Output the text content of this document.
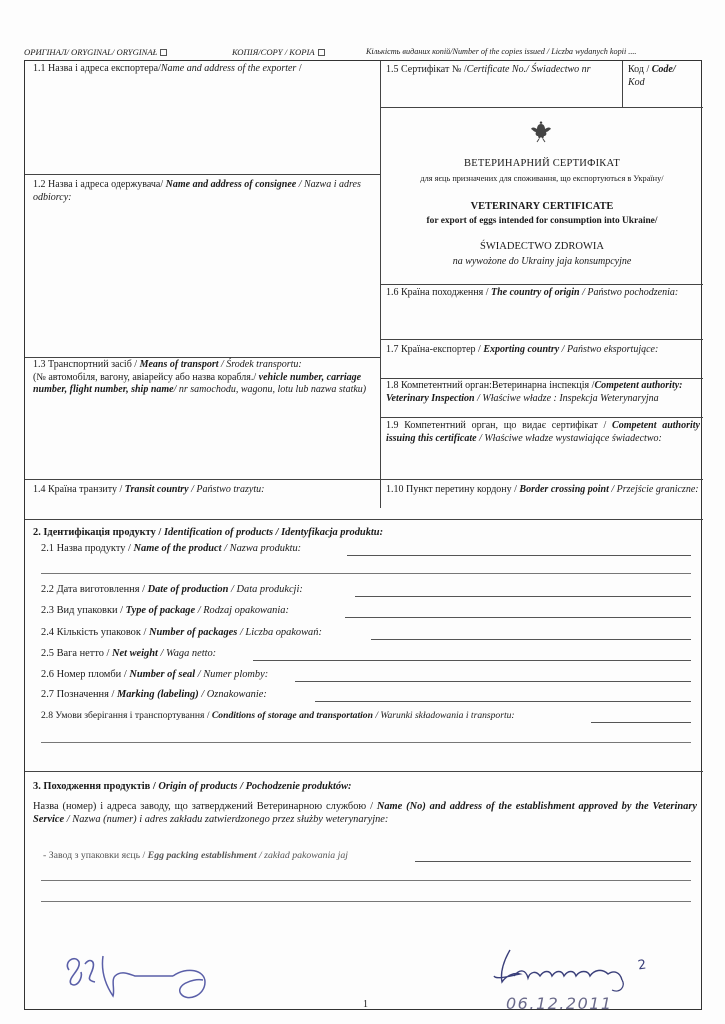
ОРИГІНАЛ/ ORYGINAL/ ORYGINAŁ	КОПІЯ/COPY / KOPIA	Кількість виданих копій/Number of the copies issued / Liczba wydanych kopii ....
1.1 Назва і адреса експортера/Name and address of the exporter /	1.5 Сертифікат № /Certificate No./ Świadectwo nr	Код / Code/
Kod
ВЕТЕРИНАРНИЙ СЕРТИФІКАТ
для яєць призначених для споживання, що експортуються в Україну/
VETERINARY CERTIFICATE
for export of eggs intended for consumption into Ukraine/
ŚWIADECTWO ZDROWIA
na wywożone do Ukrainy jaja konsumpcyjne
1.2 Назва і адреса одержувача/ Name and address of consignee / Nazwa i adres odbiorcy:
1.6 Країна походження / The country of origin / Państwo pochodzenia:
1.7 Країна-експортер / Exporting country / Państwo eksportujące:
1.3 Транспортний засіб / Means of transport / Środek transportu:
(№ автомобіля, вагону, авіарейсу або назва корабля./ vehicle number, carriage number, flight number, ship name/ nr samochodu, wagonu, lotu lub nazwa statku)	1.8 Компетентний орган:Ветеринарна інспекція /Competent authority: Veterinary Inspection / Właściwe władze : Inspekcja Weterynaryjna
1.9 Компетентний орган, що видає сертифікат / Competent authority issuing this certificate / Właściwe władze wystawiające świadectwo:
1.4 Країна транзиту / Transit country / Państwo trazytu:	1.10 Пункт перетину кордону / Border crossing point / Przejście graniczne:
2. Ідентифікація продукту / Identification of products / Identyfikacja produktu:
2.1 Назва продукту / Name of the product / Nazwa produktu:
2.2 Дата виготовлення / Date of production / Data produkcji:
2.3 Вид упаковки / Type of package / Rodzaj opakowania:
2.4 Кількість упаковок / Number of packages / Liczba opakowań:
2.5 Вага нетто / Net weight / Waga netto:
2.6 Номер пломби / Number of seal / Numer plomby:
2.7 Позначення / Marking (labeling) / Oznakowanie:
2.8 Умови зберігання і транспортування / Conditions of storage and transportation / Warunki składowania i transportu:
3. Походження продуктів / Origin of products / Pochodzenie produktów:
Назва (номер) і адреса заводу, що затверджений Ветеринарною службою / Name (No) and address of the establishment approved by the Veterinary Service / Nazwa (numer) i adres zakładu zatwierdzonego przez służby weterynaryjne:
- Завод з упаковки яєць / Egg packing establishment / zakład pakowania jaj
1
2
06.12.2011
